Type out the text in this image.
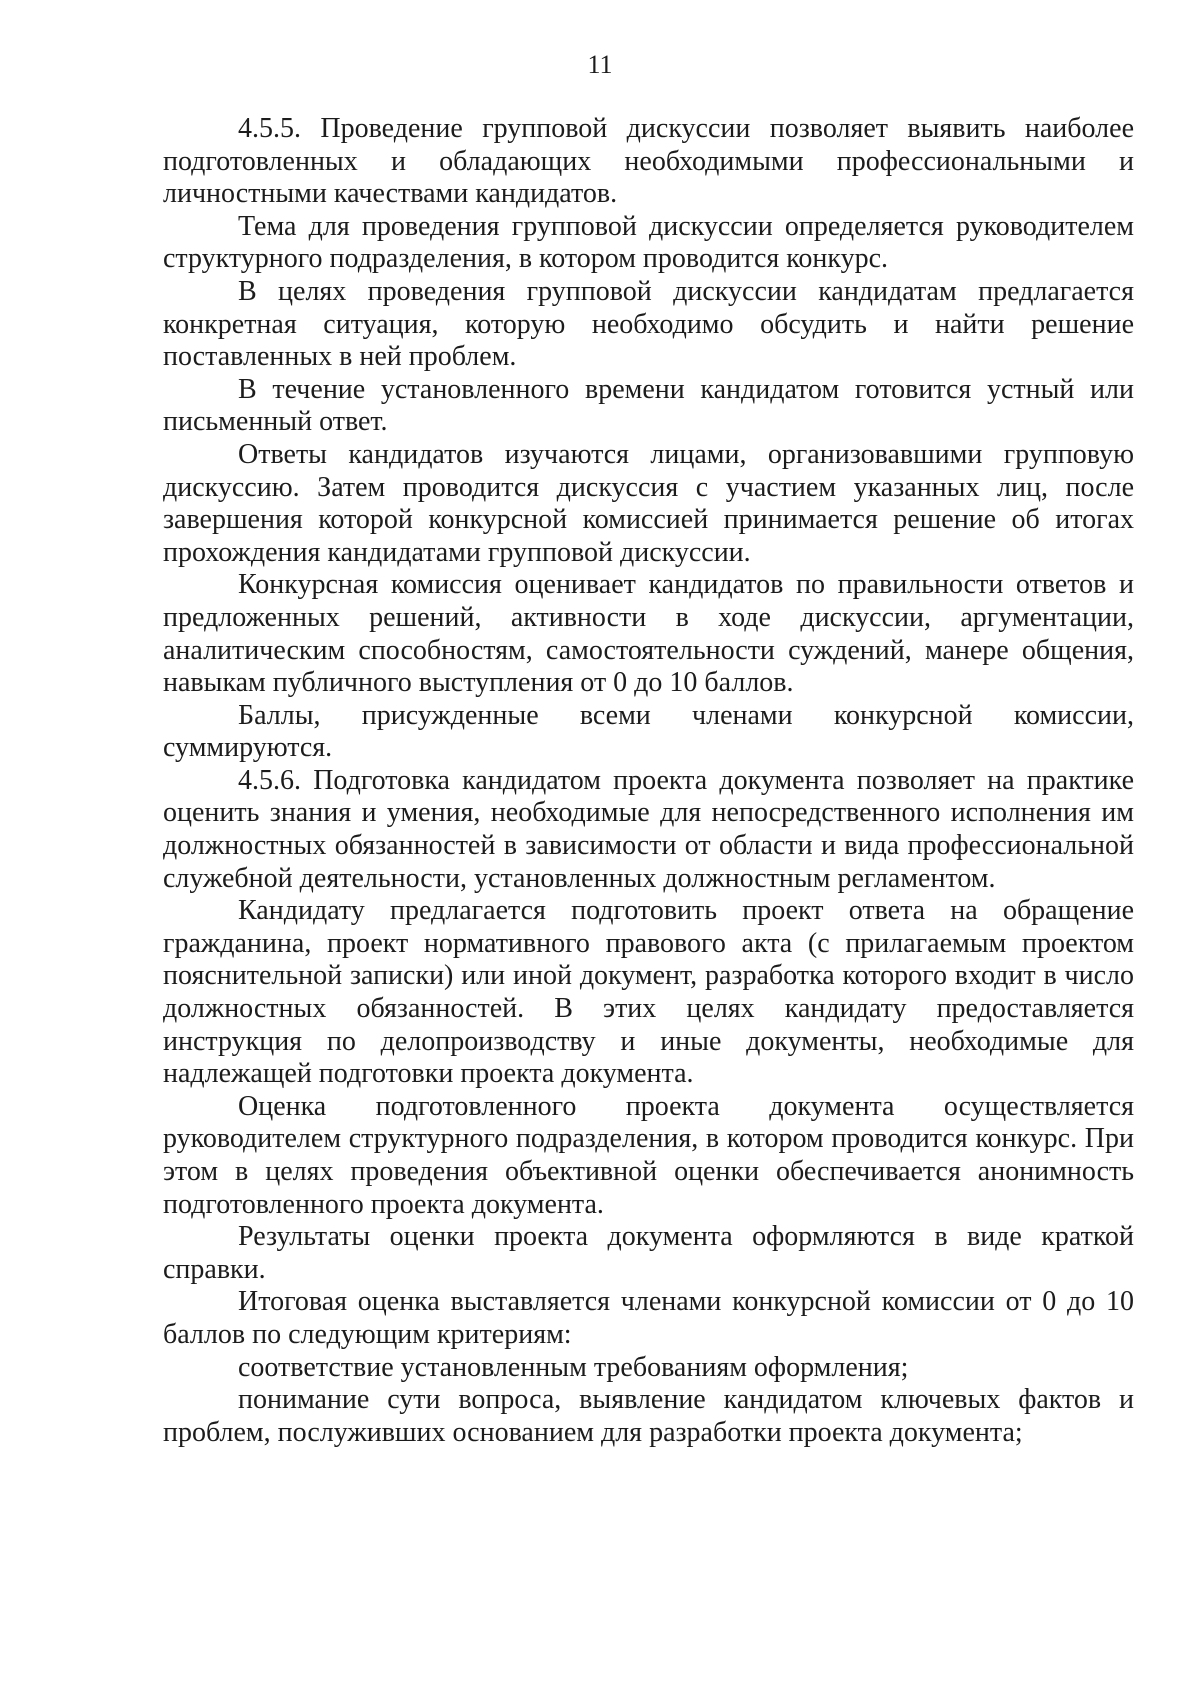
11

4.5.5. Проведение групповой дискуссии позволяет выявить наиболее подготовленных и обладающих необходимыми профессиональными и личностными качествами кандидатов.

Тема для проведения групповой дискуссии определяется руководителем структурного подразделения, в котором проводится конкурс.

В целях проведения групповой дискуссии кандидатам предлагается конкретная ситуация, которую необходимо обсудить и найти решение поставленных в ней проблем.

В течение установленного времени кандидатом готовится устный или письменный ответ.

Ответы кандидатов изучаются лицами, организовавшими групповую дискуссию. Затем проводится дискуссия с участием указанных лиц, после завершения которой конкурсной комиссией принимается решение об итогах прохождения кандидатами групповой дискуссии.

Конкурсная комиссия оценивает кандидатов по правильности ответов и предложенных решений, активности в ходе дискуссии, аргументации, аналитическим способностям, самостоятельности суждений, манере общения, навыкам публичного выступления от 0 до 10 баллов.

Баллы, присужденные всеми членами конкурсной комиссии, суммируются.

4.5.6. Подготовка кандидатом проекта документа позволяет на практике оценить знания и умения, необходимые для непосредственного исполнения им должностных обязанностей в зависимости от области и вида профессиональной служебной деятельности, установленных должностным регламентом.

Кандидату предлагается подготовить проект ответа на обращение гражданина, проект нормативного правового акта (с прилагаемым проектом пояснительной записки) или иной документ, разработка которого входит в число должностных обязанностей. В этих целях кандидату предоставляется инструкция по делопроизводству и иные документы, необходимые для надлежащей подготовки проекта документа.

Оценка подготовленного проекта документа осуществляется руководителем структурного подразделения, в котором проводится конкурс. При этом в целях проведения объективной оценки обеспечивается анонимность подготовленного проекта документа.

Результаты оценки проекта документа оформляются в виде краткой справки.

Итоговая оценка выставляется членами конкурсной комиссии от 0 до 10 баллов по следующим критериям:

соответствие установленным требованиям оформления;

понимание сути вопроса, выявление кандидатом ключевых фактов и проблем, послуживших основанием для разработки проекта документа;
